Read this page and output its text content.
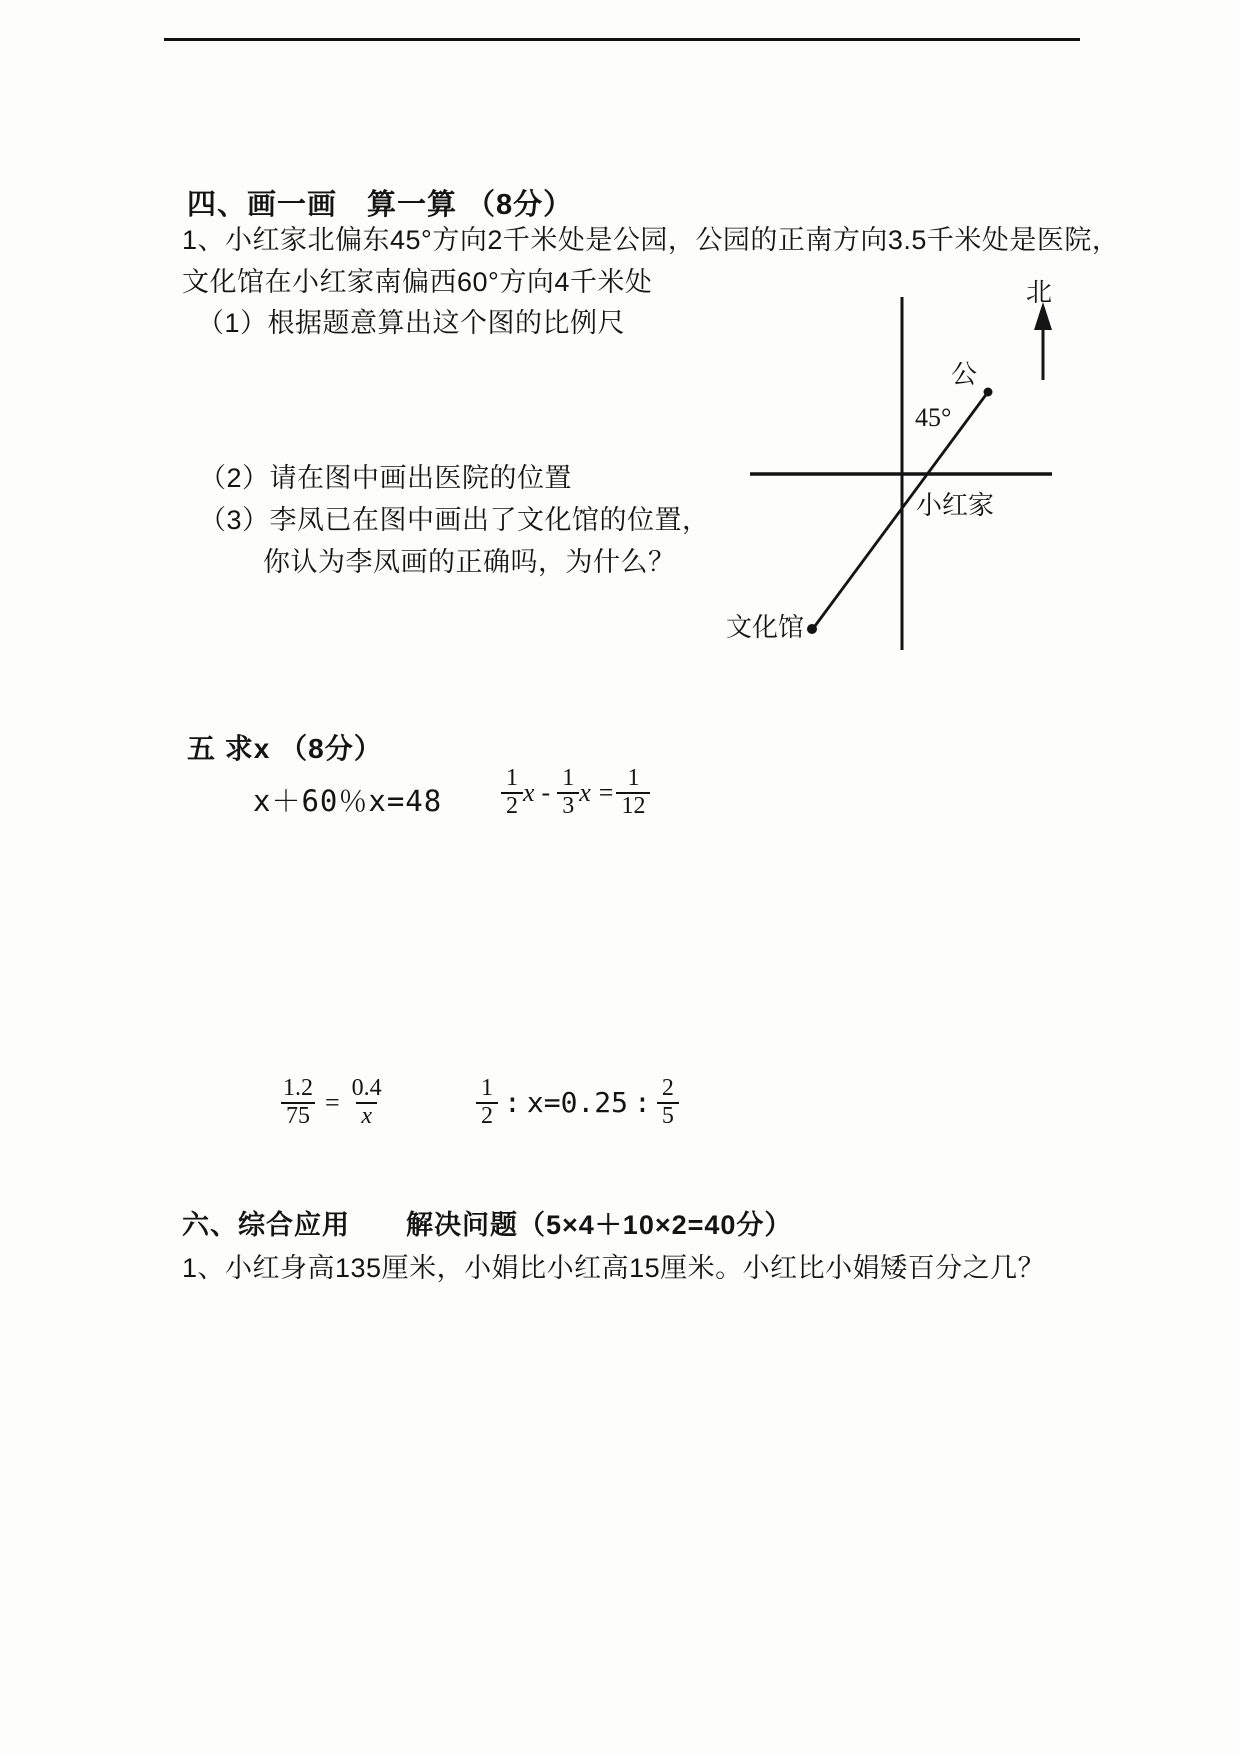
四、画一画　算一算 （8分）
1、小红家北偏东45°方向2千米处是公园，公园的正南方向3.5千米处是医院，
文化馆在小红家南偏西60°方向4千米处
（1）根据题意算出这个图的比例尺
（2）请在图中画出医院的位置
（3）李凤已在图中画出了文化馆的位置，
你认为李凤画的正确吗，为什么？
北
公
45°
小红家
文化馆
五 求x （8分）
x＋60％$x=48 \frac{1}{2}$ x - $\frac{1}{3}$ $x = \frac{1}{12}$
$\frac{1.2}{75} = \frac{0.4}{x}$	$\frac{1}{2}$ : x=0.25 : $\frac{2}{5}$
六、综合应用　　解决问题（5×4＋10×2=40分）
1、小红身高135厘米，小娟比小红高15厘米。小红比小娟矮百分之几？
